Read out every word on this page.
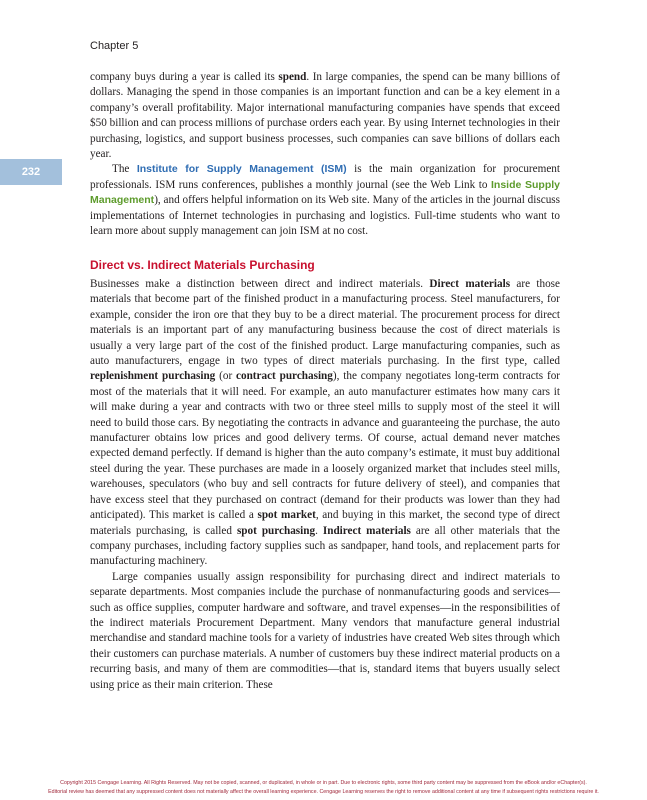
Chapter 5
232

company buys during a year is called its spend. In large companies, the spend can be many billions of dollars. Managing the spend in those companies is an important function and can be a key element in a company’s overall profitability. Major international manufacturing companies have spends that exceed $50 billion and can process millions of purchase orders each year. By using Internet technologies in their purchasing, logistics, and support business processes, such companies can save billions of dollars each year.

The Institute for Supply Management (ISM) is the main organization for procurement professionals. ISM runs conferences, publishes a monthly journal (see the Web Link to Inside Supply Management), and offers helpful information on its Web site. Many of the articles in the journal discuss implementations of Internet technologies in purchasing and logistics. Full-time students who want to learn more about supply management can join ISM at no cost.

Direct vs. Indirect Materials Purchasing

Businesses make a distinction between direct and indirect materials. Direct materials are those materials that become part of the finished product in a manufacturing process. Steel manufacturers, for example, consider the iron ore that they buy to be a direct material. The procurement process for direct materials is an important part of any manufacturing business because the cost of direct materials is usually a very large part of the cost of the finished product. Large manufacturing companies, such as auto manufacturers, engage in two types of direct materials purchasing. In the first type, called replenishment purchasing (or contract purchasing), the company negotiates long-term contracts for most of the materials that it will need. For example, an auto manufacturer estimates how many cars it will make during a year and contracts with two or three steel mills to supply most of the steel it will need to build those cars. By negotiating the contracts in advance and guaranteeing the purchase, the auto manufacturer obtains low prices and good delivery terms. Of course, actual demand never matches expected demand perfectly. If demand is higher than the auto company’s estimate, it must buy additional steel during the year. These purchases are made in a loosely organized market that includes steel mills, warehouses, speculators (who buy and sell contracts for future delivery of steel), and companies that have excess steel that they purchased on contract (demand for their products was lower than they had anticipated). This market is called a spot market, and buying in this market, the second type of direct materials purchasing, is called spot purchasing. Indirect materials are all other materials that the company purchases, including factory supplies such as sandpaper, hand tools, and replacement parts for manufacturing machinery.

Large companies usually assign responsibility for purchasing direct and indirect materials to separate departments. Most companies include the purchase of nonmanufacturing goods and services—such as office supplies, computer hardware and software, and travel expenses—in the responsibilities of the indirect materials Procurement Department. Many vendors that manufacture general industrial merchandise and standard machine tools for a variety of industries have created Web sites through which their customers can purchase materials. A number of customers buy these indirect material products on a recurring basis, and many of them are commodities—that is, standard items that buyers usually select using price as their main criterion. These

Copyright 2015 Cengage Learning. All Rights Reserved. May not be copied, scanned, or duplicated, in whole or in part. Due to electronic rights, some third party content may be suppressed from the eBook and/or eChapter(s).
Editorial review has deemed that any suppressed content does not materially affect the overall learning experience. Cengage Learning reserves the right to remove additional content at any time if subsequent rights restrictions require it.
